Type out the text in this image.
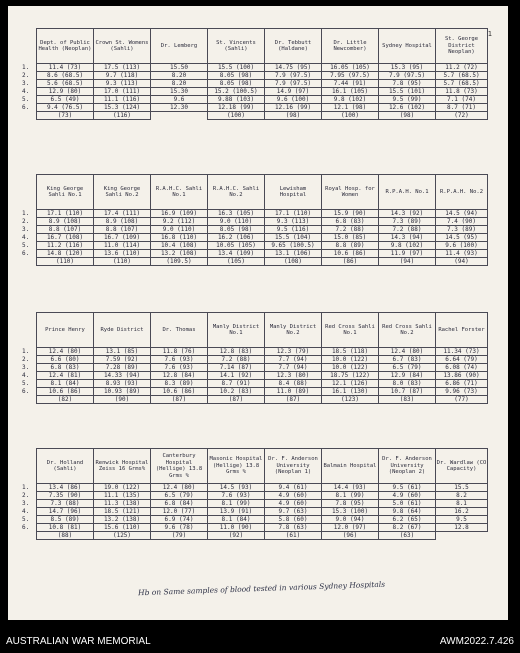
1
	Dept. of Public Health (Neoplan)	Crown St. Womens (Sahli)	Dr. Lemberg	St. Vincents (Sahli)	Dr. Tebbutt (Haldane)	Dr. Little Newcomber)	Sydney Hospital	St. George District Neoplan)
1.	11.4 (73)	17.5 (113)	15.50	15.5 (100)	14.75 (95)	16.05 (105)	15.3 (95)	11.2 (72)
2.	8.6 (68.5)	9.7 (118)	8.20	8.05 (98)	7.9 (97.5)	7.95 (97.5)	7.9 (97.5)	5.7 (68.5)
3.	5.6 (68.5)	9.3 (113)	8.20	8.05 (98)	7.9 (97.5)	7.44 (91)	7.8 (95)	5.7 (68.5)
4.	12.9 (80)	17.0 (111)	15.30	15.2 (100.5)	14.9 (97)	16.1 (105)	15.5 (101)	11.8 (73)
5.	6.5 (49)	11.1 (116)	9.6	9.88 (103)	9.6 (100)	9.8 (102)	9.5 (99)	7.1 (74)
6.	9.4 (76.5)	15.3 (124)	12.30	12.18 (99)	12.16 (99)	12.1 (98)	12.6 (102)	8.7 (71)
	(73)	(116)		(100)	(98)	(100)	(98)	(72)
	King George Sahli No.1	King George Sahli No.2	R.A.H.C. Sahli No.1	R.A.H.C. Sahli No.2	Lewisham Hospital	Royal Hosp. for Women	R.P.A.H. No.1	R.P.A.H. No.2
1.	17.1 (110)	17.4 (111)	16.9 (109)	16.3 (105)	17.1 (110)	15.9 (90)	14.3 (92)	14.5 (94)
2.	8.9 (108)	8.9 (108)	9.2 (112)	9.0 (110)	9.3 (113)	6.8 (83)	7.3 (89)	7.4 (90)
3.	8.8 (107)	8.8 (107)	9.0 (110)	8.05 (98)	9.5 (116)	7.2 (88)	7.2 (88)	7.3 (89)
4.	16.7 (108)	16.7 (109)	16.8 (110)	16.2 (106)	15.5 (104)	15.0 (85)	14.3 (94)	14.5 (95)
5.	11.2 (116)	11.0 (114)	10.4 (108)	10.05 (105)	9.65 (100.5)	8.8 (89)	9.8 (102)	9.6 (100)
6.	14.8 (120)	13.6 (110)	13.2 (108)	13.4 (109)	13.1 (106)	10.6 (86)	11.9 (97)	11.4 (93)
	(110)	(110)	(109.5)	(105)	(108)	(86)	(94)	(94)
	Prince Henry	Ryde District	Dr. Thomas	Manly District No.1	Manly District No.2	Red Cross Sahli No.1	Red Cross Sahli No.2	Rachel Forster
1.	12.4 (80)	13.1 (85)	11.8 (76)	12.8 (83)	12.3 (79)	18.5 (118)	12.4 (80)	11.34 (73)
2.	6.6 (80)	7.59 (92)	7.6 (93)	7.2 (88)	7.7 (94)	10.0 (122)	6.7 (83)	6.64 (79)
3.	6.8 (83)	7.28 (89)	7.6 (93)	7.14 (87)	7.7 (94)	10.0 (122)	6.5 (79)	6.08 (74)
4.	12.4 (81)	14.33 (94)	12.8 (84)	14.1 (92)	12.3 (80)	18.75 (122)	12.9 (84)	13.86 (90)
5.	8.1 (84)	8.93 (93)	8.3 (89)	8.7 (91)	8.4 (88)	12.1 (126)	8.0 (83)	6.86 (71)
6.	10.6 (86)	10.93 (89)	10.6 (86)	10.2 (83)	11.0 (89)	16.1 (130)	10.7 (87)	9.96 (73)
	(82)	(90)	(87)	(87)	(87)	(123)	(83)	(77)
	Dr. Holland (Sahli)	Renwick Hospital Zeiss 16 Grms%	Canterbury Hospital (Hellige) 13.8 Grms %	Masonic Hospital (Hellige) 13.8 Grms %	Dr. F. Anderson University (Neoplan 1)	Balmain Hospital	Dr. F. Anderson University (Neoplan 2)	Dr. Wardlaw (CO Capacity)
1.	13.4 (86)	19.0 (122)	12.4 (80)	14.5 (93)	9.4 (61)	14.4 (93)	9.5 (61)	15.5
2.	7.35 (90)	11.1 (135)	6.5 (79)	7.6 (93)	4.9 (60)	8.1 (99)	4.9 (60)	8.2
3.	7.3 (88)	11.3 (138)	6.8 (84)	8.1 (99)	4.9 (60)	7.8 (95)	5.0 (61)	8.1
4.	14.7 (96)	18.5 (121)	12.0 (77)	13.9 (91)	9.7 (63)	15.3 (100)	9.8 (64)	16.2
5.	8.5 (89)	13.2 (138)	6.9 (74)	8.1 (84)	5.8 (60)	9.0 (94)	6.2 (65)	9.5
6.	10.8 (81)	15.6 (110)	9.6 (78)	11.0 (90)	7.8 (63)	12.0 (97)	8.2 (67)	12.8
	(88)	(125)	(79)	(92)	(61)	(96)	(63)	
Hb on Same samples of blood tested in various Sydney Hospitals
AUSTRALIAN WAR MEMORIAL	AWM2022.7.426
